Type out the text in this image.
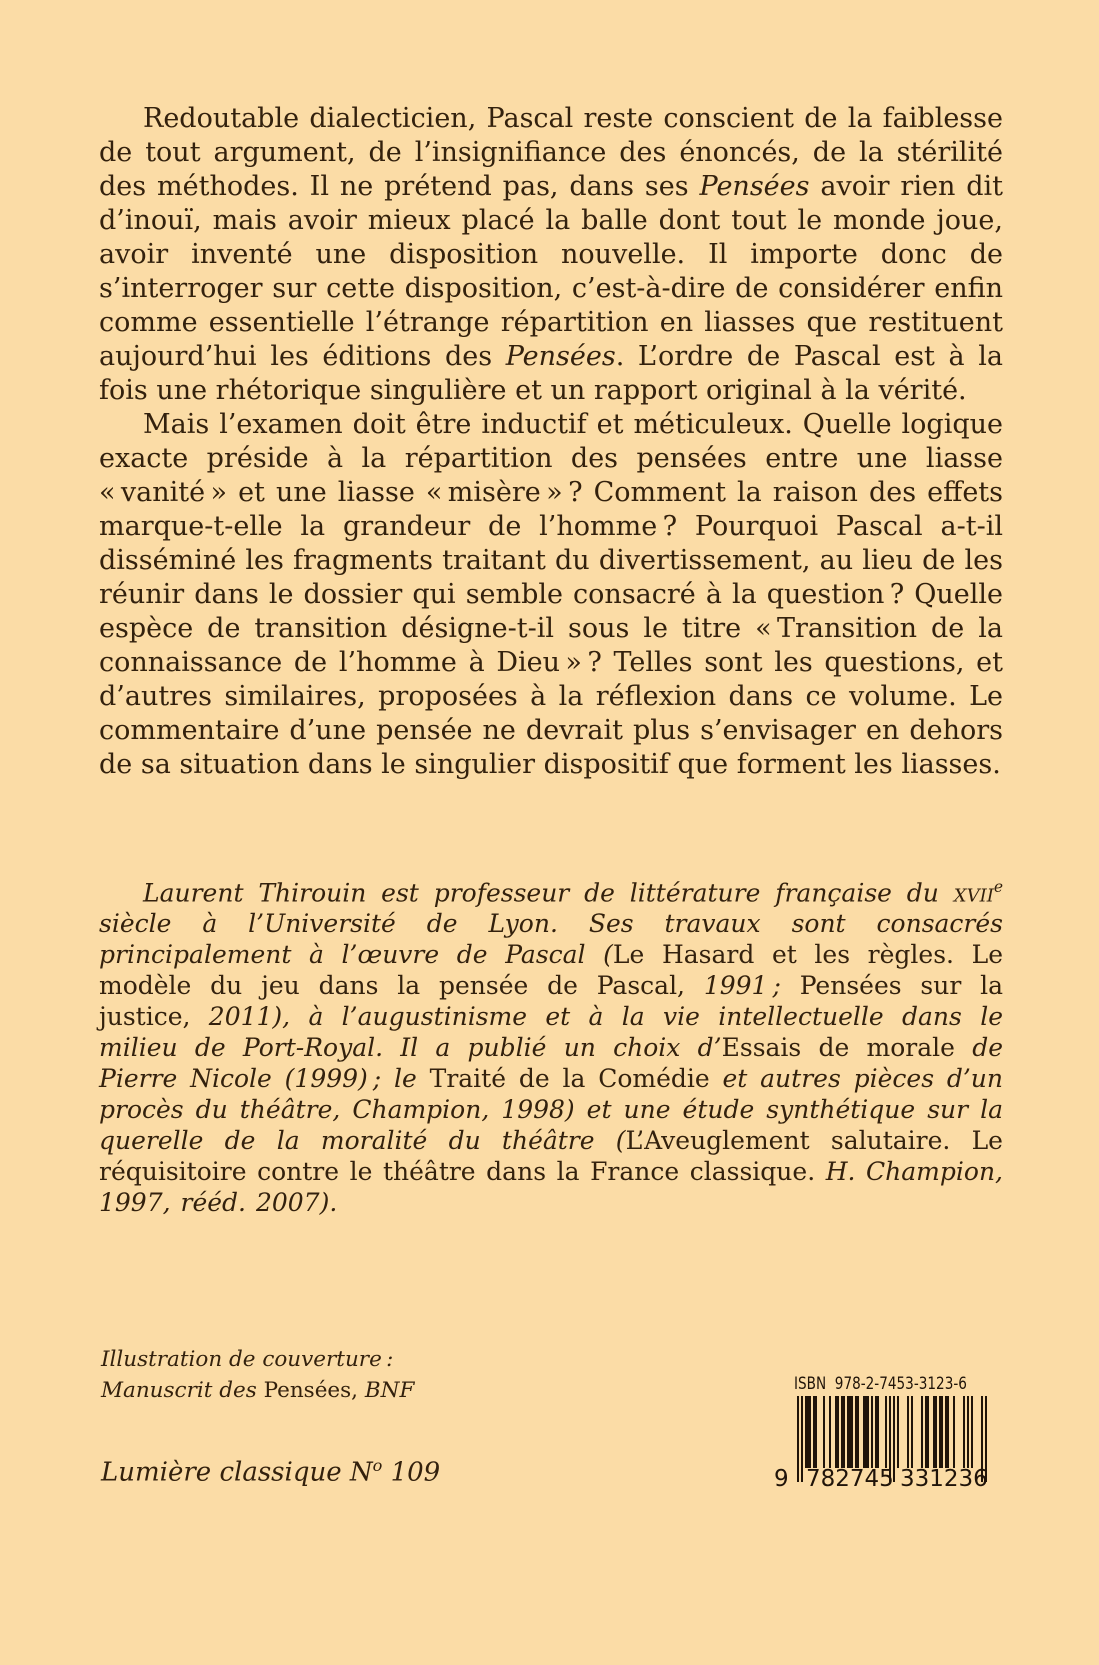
Redoutable dialecticien, Pascal reste conscient de la faiblesse de tout argument, de l’insignifiance des énoncés, de la stérilité des méthodes. Il ne prétend pas, dans ses Pensées avoir rien dit d’inouï, mais avoir mieux placé la balle dont tout le monde joue, avoir inventé une disposition nouvelle. Il importe donc de s’interroger sur cette disposition, c’est-à-dire de considérer enfin comme essentielle l’étrange répartition en liasses que restituent aujourd’hui les éditions des Pensées. L’ordre de Pascal est à la fois une rhétorique singulière et un rapport original à la vérité.

Mais l’examen doit être inductif et méticuleux. Quelle logique exacte préside à la répartition des pensées entre une liasse « vanité » et une liasse « misère » ? Comment la raison des effets marque-t-elle la grandeur de l’homme ? Pourquoi Pascal a-t-il disséminé les fragments traitant du divertissement, au lieu de les réunir dans le dossier qui semble consacré à la question ? Quelle espèce de transition désigne-t-il sous le titre « Transition de la connaissance de l’homme à Dieu » ? Telles sont les questions, et d’autres similaires, proposées à la réflexion dans ce volume. Le commentaire d’une pensée ne devrait plus s’envisager en dehors de sa situation dans le singulier dispositif que forment les liasses.

Laurent Thirouin est professeur de littérature française du xvii$^e$ siècle à l’Université de Lyon. Ses travaux sont consacrés principalement à l’œuvre de Pascal (Le Hasard et les règles. Le modèle du jeu dans la pensée de Pascal, 1991 ; Pensées sur la justice, 2011), à l’augustinisme et à la vie intellectuelle dans le milieu de Port-Royal. Il a publié un choix d’Essais de morale de Pierre Nicole (1999) ; le Traité de la Comédie et autres pièces d’un procès du théâtre, Champion, 1998) et une étude synthétique sur la querelle de la moralité du théâtre (L’Aveuglement salutaire. Le réquisitoire contre le théâtre dans la France classique. H. Champion, 1997, rééd. 2007).

Illustration de couverture :

Manuscrit des Pensées, BNF

Lumière classique $N^o$ 109
ISBN  978-2-7453-3123-6
9 782745 331236
